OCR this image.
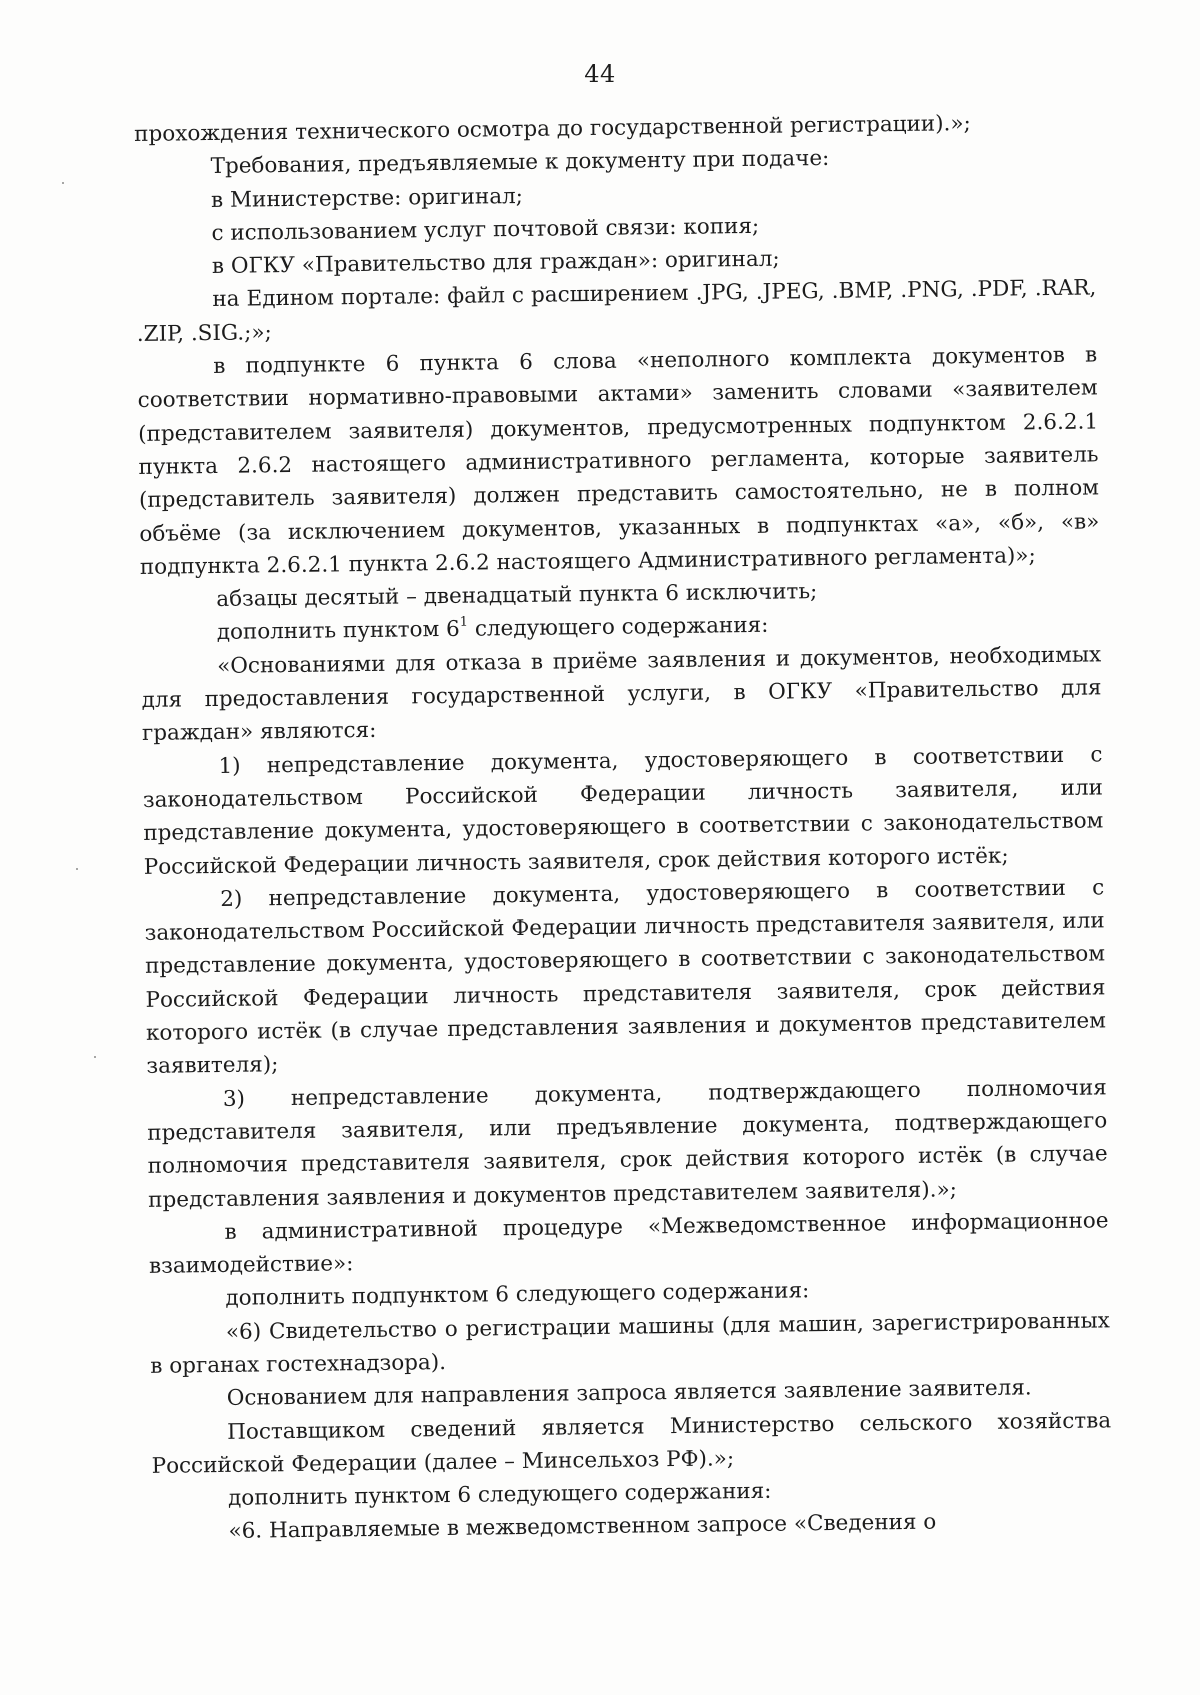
44

прохождения технического осмотра до государственной регистрации).»;

Требования, предъявляемые к документу при подаче:

в Министерстве: оригинал;

с использованием услуг почтовой связи: копия;

в ОГКУ «Правительство для граждан»: оригинал;

на Едином портале: файл с расширением .JPG, .JPEG, .BMP, .PNG, .PDF, .RAR, .ZIP, .SIG.;»;

в подпункте 6 пункта 6 слова «неполного комплекта документов в соответствии нормативно-правовыми актами» заменить словами «заявителем (представителем заявителя) документов, предусмотренных подпунктом 2.6.2.1 пункта 2.6.2 настоящего административного регламента, которые заявитель (представитель заявителя) должен представить самостоятельно, не в полном объёме (за исключением документов, указанных в подпунктах «а», «б», «в» подпункта 2.6.2.1 пункта 2.6.2 настоящего Административного регламента)»;

абзацы десятый – двенадцатый пункта 6 исключить;

дополнить пунктом $6^1$ следующего содержания:

«Основаниями для отказа в приёме заявления и документов, необходимых для предоставления государственной услуги, в ОГКУ «Правительство для граждан» являются:

1) непредставление документа, удостоверяющего в соответствии с законодательством Российской Федерации личность заявителя, или представление документа, удостоверяющего в соответствии с законодательством Российской Федерации личность заявителя, срок действия которого истёк;

2) непредставление документа, удостоверяющего в соответствии с законодательством Российской Федерации личность представителя заявителя, или представление документа, удостоверяющего в соответствии с законодательством Российской Федерации личность представителя заявителя, срок действия которого истёк (в случае представления заявления и документов представителем заявителя);

3) непредставление документа, подтверждающего полномочия представителя заявителя, или предъявление документа, подтверждающего полномочия представителя заявителя, срок действия которого истёк (в случае представления заявления и документов представителем заявителя).»;

в административной процедуре «Межведомственное информационное взаимодействие»:

дополнить подпунктом 6 следующего содержания:

«6) Свидетельство о регистрации машины (для машин, зарегистрированных в органах гостехнадзора).

Основанием для направления запроса является заявление заявителя.

Поставщиком сведений является Министерство сельского хозяйства Российской Федерации (далее – Минсельхоз РФ).»;

дополнить пунктом 6 следующего содержания:

«6. Направляемые в межведомственном запросе «Сведения о
